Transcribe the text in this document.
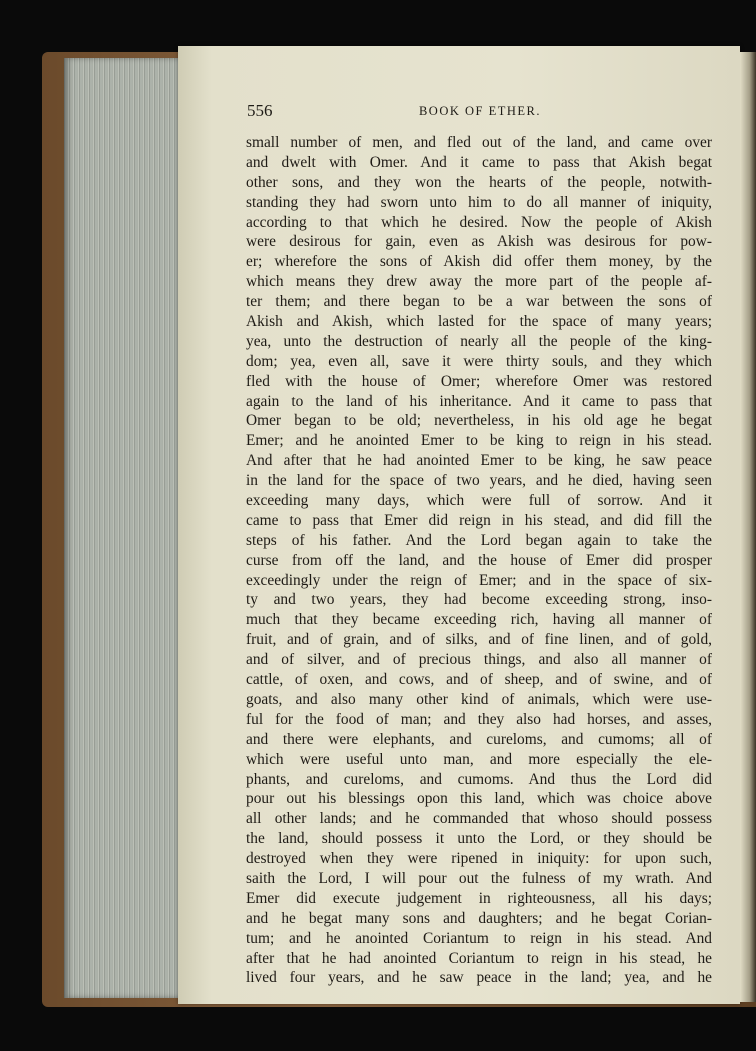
556	BOOK OF ETHER.
small number of men, and fled out of the land, and came over
and dwelt with Omer. And it came to pass that Akish begat
other sons, and they won the hearts of the people, notwith-
standing they had sworn unto him to do all manner of iniquity,
according to that which he desired. Now the people of Akish
were desirous for gain, even as Akish was desirous for pow-
er; wherefore the sons of Akish did offer them money, by the
which means they drew away the more part of the people af-
ter them; and there began to be a war between the sons of
Akish and Akish, which lasted for the space of many years;
yea, unto the destruction of nearly all the people of the king-
dom; yea, even all, save it were thirty souls, and they which
fled with the house of Omer; wherefore Omer was restored
again to the land of his inheritance. And it came to pass that
Omer began to be old; nevertheless, in his old age he begat
Emer; and he anointed Emer to be king to reign in his stead.
And after that he had anointed Emer to be king, he saw peace
in the land for the space of two years, and he died, having seen
exceeding many days, which were full of sorrow. And it
came to pass that Emer did reign in his stead, and did fill the
steps of his father. And the Lord began again to take the
curse from off the land, and the house of Emer did prosper
exceedingly under the reign of Emer; and in the space of six-
ty and two years, they had become exceeding strong, inso-
much that they became exceeding rich, having all manner of
fruit, and of grain, and of silks, and of fine linen, and of gold,
and of silver, and of precious things, and also all manner of
cattle, of oxen, and cows, and of sheep, and of swine, and of
goats, and also many other kind of animals, which were use-
ful for the food of man; and they also had horses, and asses,
and there were elephants, and cureloms, and cumoms; all of
which were useful unto man, and more especially the ele-
phants, and cureloms, and cumoms. And thus the Lord did
pour out his blessings opon this land, which was choice above
all other lands; and he commanded that whoso should possess
the land, should possess it unto the Lord, or they should be
destroyed when they were ripened in iniquity: for upon such,
saith the Lord, I will pour out the fulness of my wrath. And
Emer did execute judgement in righteousness, all his days;
and he begat many sons and daughters; and he begat Corian-
tum; and he anointed Coriantum to reign in his stead. And
after that he had anointed Coriantum to reign in his stead, he
lived four years, and he saw peace in the land; yea, and he
